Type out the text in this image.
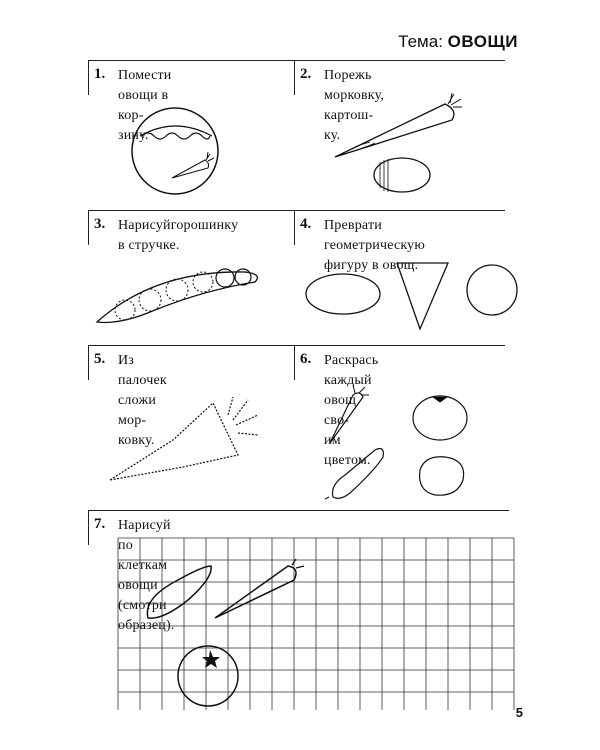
Тема: ОВОЩИ
1. Помести овощи в кор-
зину.
2. Порежь морковку, картош-
ку.
3. Нарисуйгорошинку
в стручке.
4. Преврати геометрическую
фигуру в овощ.
5. Из палочек сложи мор-
ковку.
6. Раскрась каждый овощ сво-
им цветом.
7. Нарисуй по клеткам овощи (смотри образец).
5
